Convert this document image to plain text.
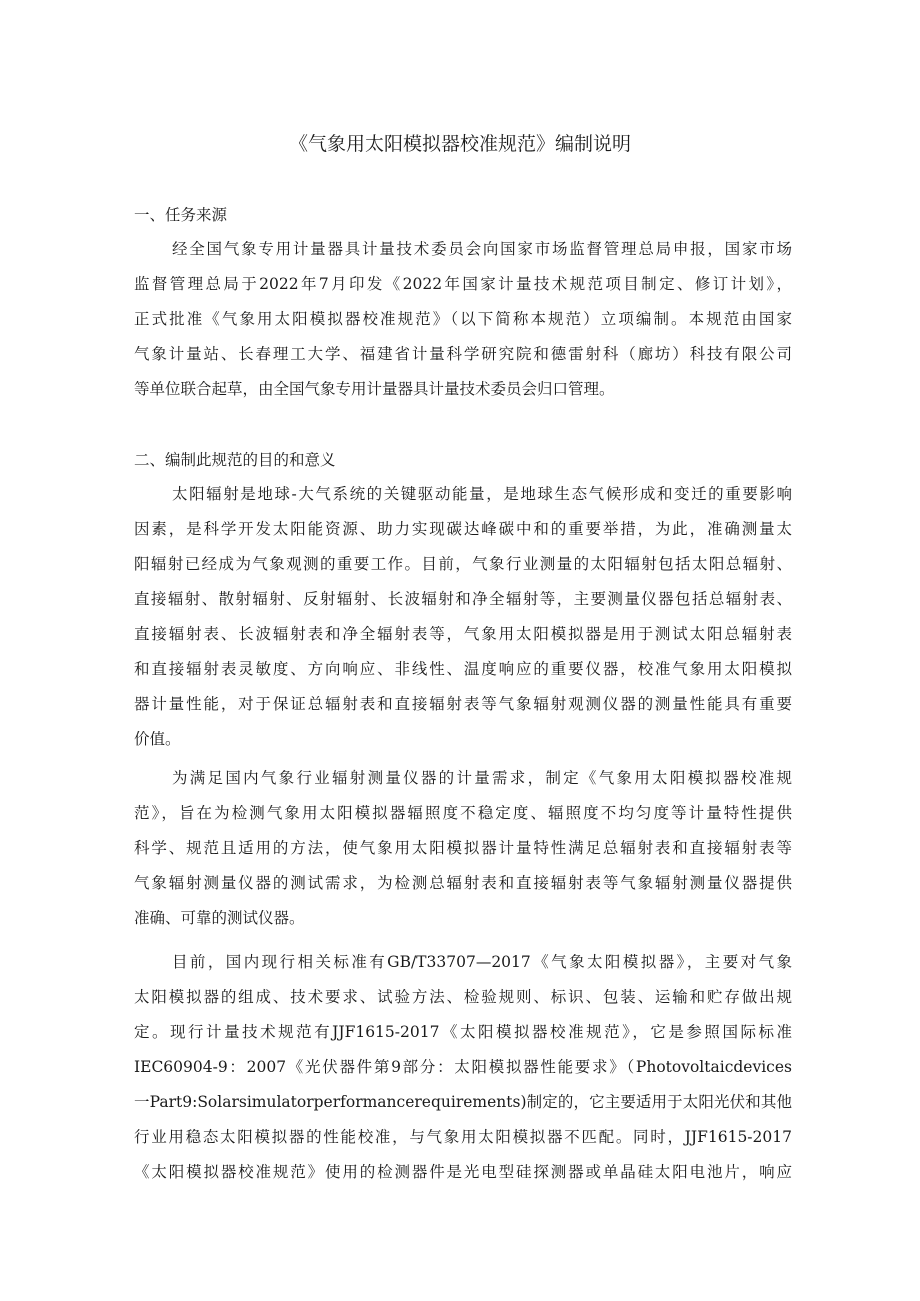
《气象用太阳模拟器校准规范》编制说明
一、任务来源
经全国气象专用计量器具计量技术委员会向国家市场监督管理总局申报，国家市场
监督管理总局于2022年7月印发《2022年国家计量技术规范项目制定、修订计划》，
正式批准《气象用太阳模拟器校准规范》（以下简称本规范）立项编制。本规范由国家
气象计量站、长春理工大学、福建省计量科学研究院和德雷射科（廊坊）科技有限公司
等单位联合起草，由全国气象专用计量器具计量技术委员会归口管理。
二、编制此规范的目的和意义
太阳辐射是地球-大气系统的关键驱动能量，是地球生态气候形成和变迁的重要影响
因素，是科学开发太阳能资源、助力实现碳达峰碳中和的重要举措，为此，准确测量太
阳辐射已经成为气象观测的重要工作。目前，气象行业测量的太阳辐射包括太阳总辐射、
直接辐射、散射辐射、反射辐射、长波辐射和净全辐射等，主要测量仪器包括总辐射表、
直接辐射表、长波辐射表和净全辐射表等，气象用太阳模拟器是用于测试太阳总辐射表
和直接辐射表灵敏度、方向响应、非线性、温度响应的重要仪器，校准气象用太阳模拟
器计量性能，对于保证总辐射表和直接辐射表等气象辐射观测仪器的测量性能具有重要
价值。
为满足国内气象行业辐射测量仪器的计量需求，制定《气象用太阳模拟器校准规
范》，旨在为检测气象用太阳模拟器辐照度不稳定度、辐照度不均匀度等计量特性提供
科学、规范且适用的方法，使气象用太阳模拟器计量特性满足总辐射表和直接辐射表等
气象辐射测量仪器的测试需求，为检测总辐射表和直接辐射表等气象辐射测量仪器提供
准确、可靠的测试仪器。
目前，国内现行相关标准有GB/T33707—2017《气象太阳模拟器》，主要对气象
太阳模拟器的组成、技术要求、试验方法、检验规则、标识、包装、运输和贮存做出规
定。现行计量技术规范有JJF1615-2017《太阳模拟器校准规范》，它是参照国际标准
IEC60904-9：2007《光伏器件第9部分：太阳模拟器性能要求》（Photovoltaicdevices
一Part9:Solarsimulatorperformancerequirements)制定的，它主要适用于太阳光伏和其他
行业用稳态太阳模拟器的性能校准，与气象用太阳模拟器不匹配。同时，JJF1615-2017
《太阳模拟器校准规范》使用的检测器件是光电型硅探测器或单晶硅太阳电池片，响应
